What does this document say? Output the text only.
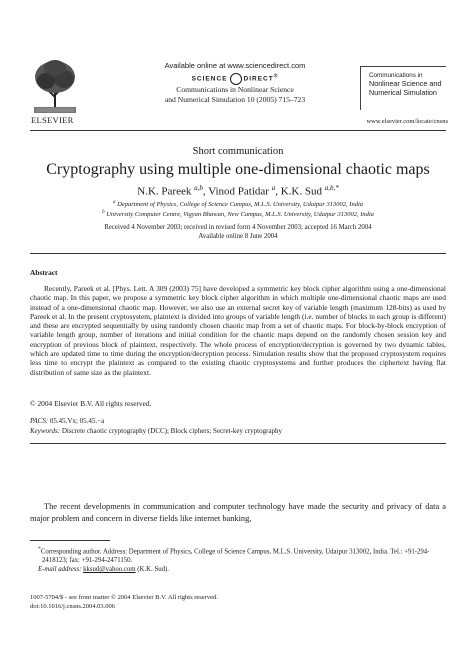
ELSEVIER
Available online at www.sciencedirect.com
SCIENCE DIRECT®
Communications in Nonlinear Science
and Numerical Simulation 10 (2005) 715–723
Communications in
Nonlinear Science and
Numerical Simulation
www.elsevier.com/locate/cnsns
Short communication
Cryptography using multiple one-dimensional chaotic maps
N.K. Pareek $^{a,b}$, Vinod Patidar $^a$, K.K. Sud $^{a,b,*}$
$^a$ Department of Physics, College of Science Campus, M.L.S. University, Udaipur 313002, India
$^b$ University Computer Centre, Vigyan Bhawan, New Campus, M.L.S. University, Udaipur 313002, India
Received 4 November 2003; received in revised form 4 November 2003; accepted 16 March 2004
Available online 8 June 2004
Abstract

Recently, Pareek et al. [Phys. Lett. A 309 (2003) 75] have developed a symmetric key block cipher algorithm using a one-dimensional chaotic map. In this paper, we propose a symmetric key block cipher algorithm in which multiple one-dimensional chaotic maps are used instead of a one-dimensional chaotic map. However, we also use an external secret key of variable length (maximum 128-bits) as used by Pareek et al. In the present cryptosystem, plaintext is divided into groups of variable length (i.e. number of blocks in each group is different) and these are encrypted sequentially by using randomly chosen chaotic map from a set of chaotic maps. For block-by-block encryption of variable length group, number of iterations and initial condition for the chaotic maps depend on the randomly chosen session key and encryption of previous block of plaintext, respectively. The whole process of encryption/decryption is governed by two dynamic tables, which are updated time to time during the encryption/decryption process. Simulation results show that the proposed cryptosystem requires less time to encrypt the plaintext as compared to the existing chaotic cryptosystems and further produces the ciphertext having flat distribution of same size as the plaintext.

© 2004 Elsevier B.V. All rights reserved.
PACS: 05.45.Vx; 05.45.−a
Keywords: Discrete chaotic cryptography (DCC); Block ciphers; Secret-key cryptography

The recent developments in communication and computer technology have made the security and privacy of data a major problem and concern in diverse fields like internet banking,

*Corresponding author. Address: Department of Physics, College of Science Campus, M.L.S. University, Udaipur 313002, India. Tel.: +91-294-2418123; fax: +91-294-2471150.

E-mail address: kksud@yahoo.com (K.K. Sud).

1007-5704/$ - see front matter © 2004 Elsevier B.V. All rights reserved.
doi:10.1016/j.cnsns.2004.03.006
